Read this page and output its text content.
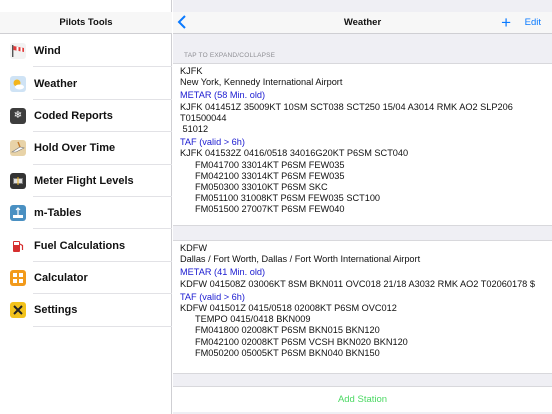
Pilots Tools
Wind
Weather
❄	Coded Reports
Hold Over Time
Meter Flight Levels
m-Tables
Fuel Calculations
Calculator
Settings
Weather	+ Edit
TAP TO EXPAND/COLLAPSE
KJFK
New York, Kennedy International Airport
METAR (58 Min. old)
KJFK 041451Z 35009KT 10SM SCT038 SCT250 15/04 A3014 RMK AO2 SLP206
T01500044
51012
TAF (valid > 6h)
KJFK 041532Z 0416/0518 34016G20KT P6SM SCT040
FM041700 33014KT P6SM FEW035
FM042100 33014KT P6SM FEW035
FM050300 33010KT P6SM SKC
FM051100 31008KT P6SM FEW035 SCT100
FM051500 27007KT P6SM FEW040
KDFW
Dallas / Fort Worth, Dallas / Fort Worth International Airport
METAR (41 Min. old)
KDFW 041508Z 03006KT 8SM BKN011 OVC018 21/18 A3032 RMK AO2 T02060178 $
TAF (valid > 6h)
KDFW 041501Z 0415/0518 02008KT P6SM OVC012
TEMPO 0415/0418 BKN009
FM041800 02008KT P6SM BKN015 BKN120
FM042100 02008KT P6SM VCSH BKN020 BKN120
FM050200 05005KT P6SM BKN040 BKN150
Add Station
